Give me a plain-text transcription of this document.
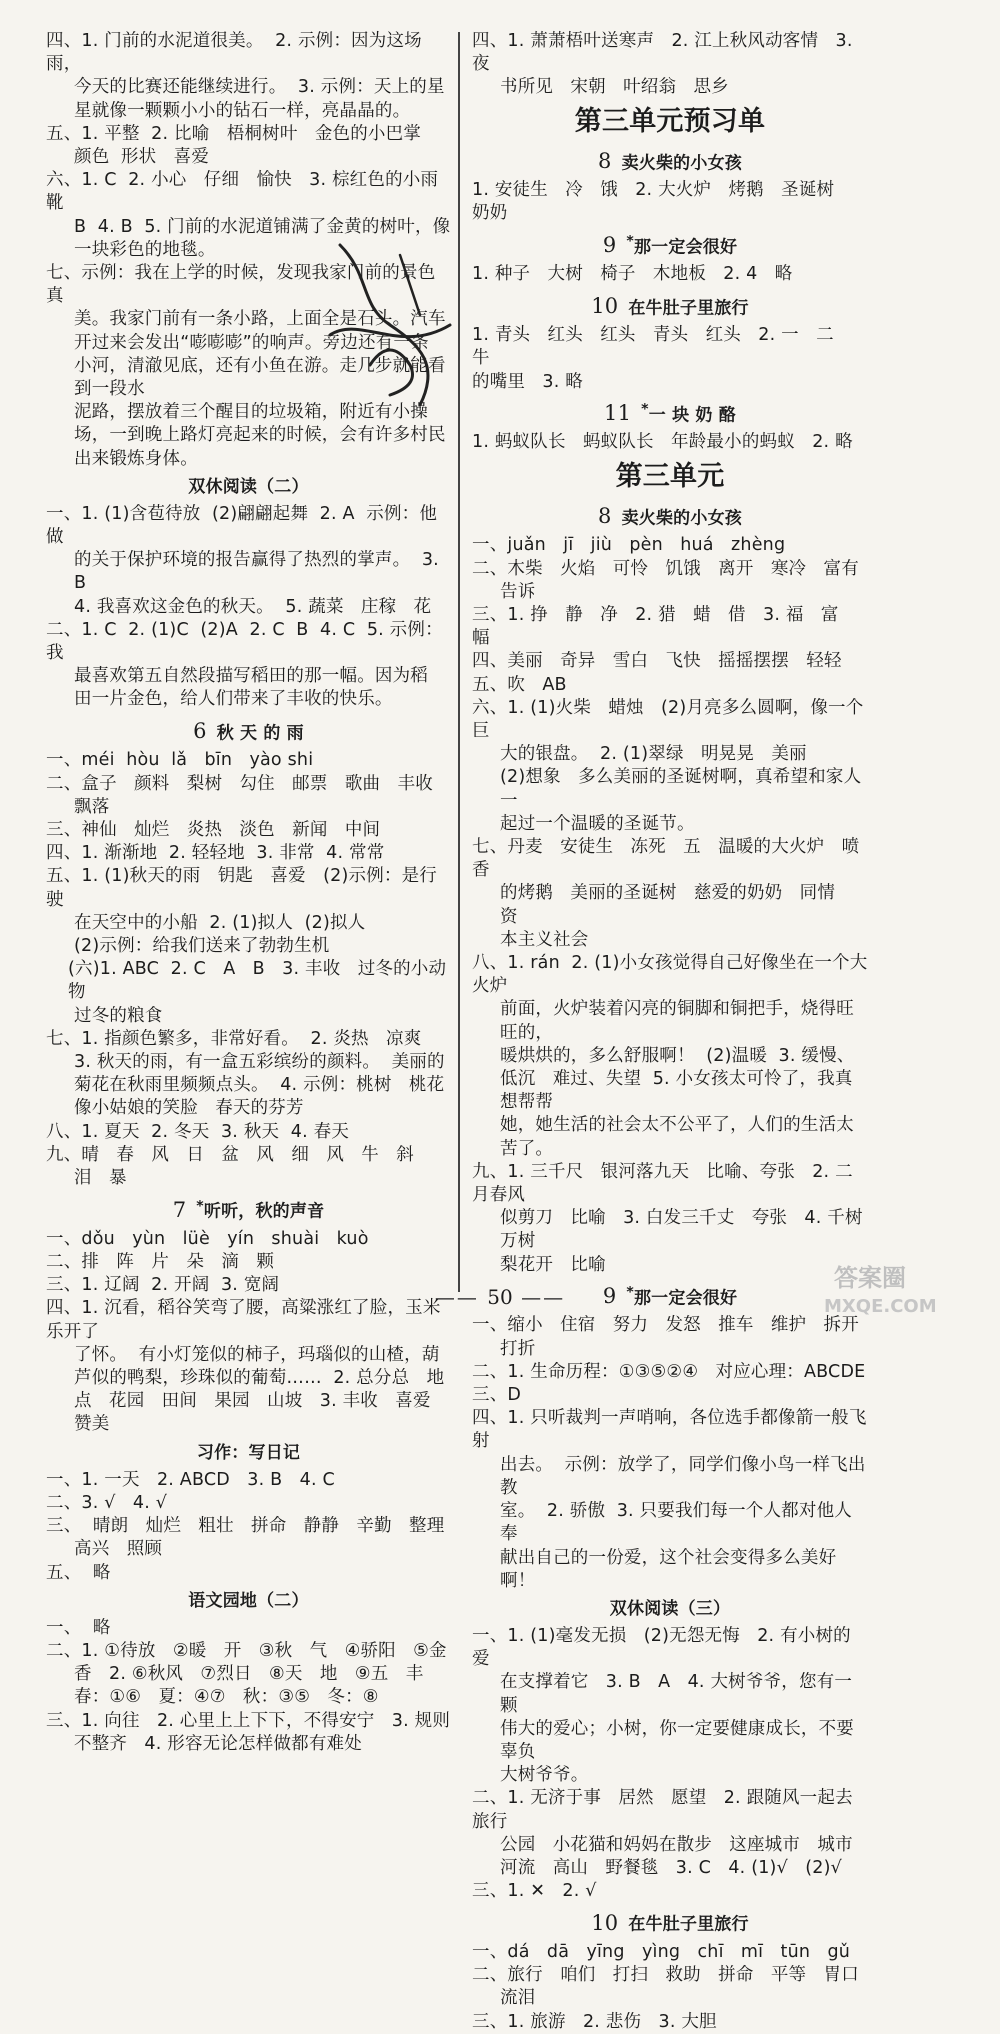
四、1. 门前的水泥道很美。  2. 示例：因为这场雨，

今天的比赛还能继续进行。  3. 示例：天上的星

星就像一颗颗小小的钻石一样，亮晶晶的。

五、1. 平整  2. 比喻   梧桐树叶   金色的小巴掌

颜色  形状   喜爱

六、1. C  2. 小心   仔细   愉快   3. 棕红色的小雨靴

B  4. B  5. 门前的水泥道铺满了金黄的树叶，像

一块彩色的地毯。

七、示例：我在上学的时候，发现我家门前的景色真

美。我家门前有一条小路，上面全是石头。汽车

开过来会发出“嘭嘭嘭”的响声。旁边还有一条

小河，清澈见底，还有小鱼在游。走几步就能看到一段水

泥路，摆放着三个醒目的垃圾箱，附近有小操

场，一到晚上路灯亮起来的时候，会有许多村民

出来锻炼身体。

双休阅读（二）

一、1. (1)含苞待放  (2)翩翩起舞  2. A  示例：他做

的关于保护环境的报告赢得了热烈的掌声。  3. B

4. 我喜欢这金色的秋天。  5. 蔬菜   庄稼   花

二、1. C  2. (1)C  (2)A  2. C  B  4. C  5. 示例：我

最喜欢第五自然段描写稻田的那一幅。因为稻

田一片金色，给人们带来了丰收的快乐。

6 秋 天 的 雨

一、méi  hòu  lǎ   bīn   yào shi

二、盒子   颜料   梨树   勾住   邮票   歌曲   丰收

飘落

三、神仙   灿烂   炎热   淡色   新闻   中间

四、1. 渐渐地  2. 轻轻地  3. 非常  4. 常常

五、1. (1)秋天的雨   钥匙   喜爱   (2)示例：是行驶

在天空中的小船  2. (1)拟人  (2)拟人

(2)示例：给我们送来了勃勃生机

(六)1. ABC  2. C   A   B   3. 丰收   过冬的小动物

过冬的粮食

七、1. 指颜色繁多，非常好看。  2. 炎热   凉爽

3. 秋天的雨，有一盒五彩缤纷的颜料。  美丽的

菊花在秋雨里频频点头。  4. 示例：桃树   桃花

像小姑娘的笑脸   春天的芬芳

八、1. 夏天  2. 冬天  3. 秋天  4. 春天

九、晴   春   风   日   盆   风   细   风   牛   斜

泪   暴

7 *听听，秋的声音

一、dǒu   yùn   lüè   yín   shuài   kuò

二、排   阵   片   朵   滴   颗

三、1. 辽阔  2. 开阔  3. 宽阔

四、1. 沉看，稻谷笑弯了腰，高粱涨红了脸，玉米乐开了

了怀。  有小灯笼似的柿子，玛瑙似的山楂，葫

芦似的鸭梨，珍珠似的葡萄……  2. 总分总   地

点   花园   田间   果园   山坡   3. 丰收   喜爱

赞美

习作：写日记

一、1. 一天   2. ABCD   3. B   4. C

二、3. √   4. √

三、  晴朗   灿烂   粗壮   拼命   静静   辛勤   整理

高兴   照顾

五、  略

语文园地（二）

一、  略

二、1. ①待放   ②暖   开   ③秋   气   ④骄阳   ⑤金

香   2. ⑥秋风   ⑦烈日   ⑧天   地   ⑨五   丰

春：①⑥   夏：④⑦   秋：③⑤   冬：⑧

三、1. 向往   2. 心里上上下下，不得安宁   3. 规则

不整齐   4. 形容无论怎样做都有难处

四、1. 萧萧梧叶送寒声   2. 江上秋风动客情   3. 夜

书所见   宋朝   叶绍翁   思乡

第三单元预习单
8 卖火柴的小女孩

1. 安徒生   冷   饿   2. 大火炉   烤鹅   圣诞树

奶奶

9 *那一定会很好

1. 种子   大树   椅子   木地板   2. 4   略

10 在牛肚子里旅行

1. 青头   红头   红头   青头   红头   2. 一   二   牛

的嘴里   3. 略

11 *一 块 奶 酪

1. 蚂蚁队长   蚂蚁队长   年龄最小的蚂蚁   2. 略

第三单元
8 卖火柴的小女孩

一、juǎn   jī   jiù   pèn   huá   zhèng

二、木柴   火焰   可怜   饥饿   离开   寒冷   富有

告诉

三、1. 挣   静   净   2. 猎   蜡   借   3. 福   富   幅

四、美丽   奇异   雪白   飞快   摇摇摆摆   轻轻

五、吹   AB

六、1. (1)火柴   蜡烛   (2)月亮多么圆啊，像一个巨

大的银盘。  2. (1)翠绿   明晃晃   美丽

(2)想象   多么美丽的圣诞树啊，真希望和家人一

起过一个温暖的圣诞节。

七、丹麦   安徒生   冻死   五   温暖的大火炉   喷香

的烤鹅   美丽的圣诞树   慈爱的奶奶   同情   资

本主义社会

八、1. rán  2. (1)小女孩觉得自己好像坐在一个大火炉

前面，火炉装着闪亮的铜脚和铜把手，烧得旺旺的，

暖烘烘的，多么舒服啊！  (2)温暖  3. 缓慢、

低沉   难过、失望  5. 小女孩太可怜了，我真想帮帮

她，她生活的社会太不公平了，人们的生活太苦了。

九、1. 三千尺   银河落九天   比喻、夸张   2. 二月春风

似剪刀   比喻   3. 白发三千丈   夸张   4. 千树万树

梨花开   比喻

9 *那一定会很好

一、缩小   住宿   努力   发怒   推车   维护   拆开

打折

二、1. 生命历程：①③⑤②④   对应心理：ABCDE

三、D

四、1. 只听裁判一声哨响，各位选手都像箭一般飞射

出去。  示例：放学了，同学们像小鸟一样飞出教

室。  2. 骄傲  3. 只要我们每一个人都对他人奉

献出自己的一份爱，这个社会变得多么美好啊！

双休阅读（三）

一、1. (1)毫发无损   (2)无怨无悔   2. 有小树的爱

在支撑着它   3. B   A   4. 大树爷爷，您有一颗

伟大的爱心；小树，你一定要健康成长，不要辜负

大树爷爷。

二、1. 无济于事   居然   愿望   2. 跟随风一起去旅行

公园   小花猫和妈妈在散步   这座城市   城市

河流   高山   野餐毯   3. C   4. (1)√   (2)√

三、1. ✕   2. √

10 在牛肚子里旅行

一、dá   dā   yīng   yìng   chī   mī   tūn   gǔ

二、旅行   咱们   打扫   救助   拼命   平等   胃口

流泪

三、1. 旅游   2. 悲伤   3. 大胆

—— 50 ——
答案圈
MXQE.COM
